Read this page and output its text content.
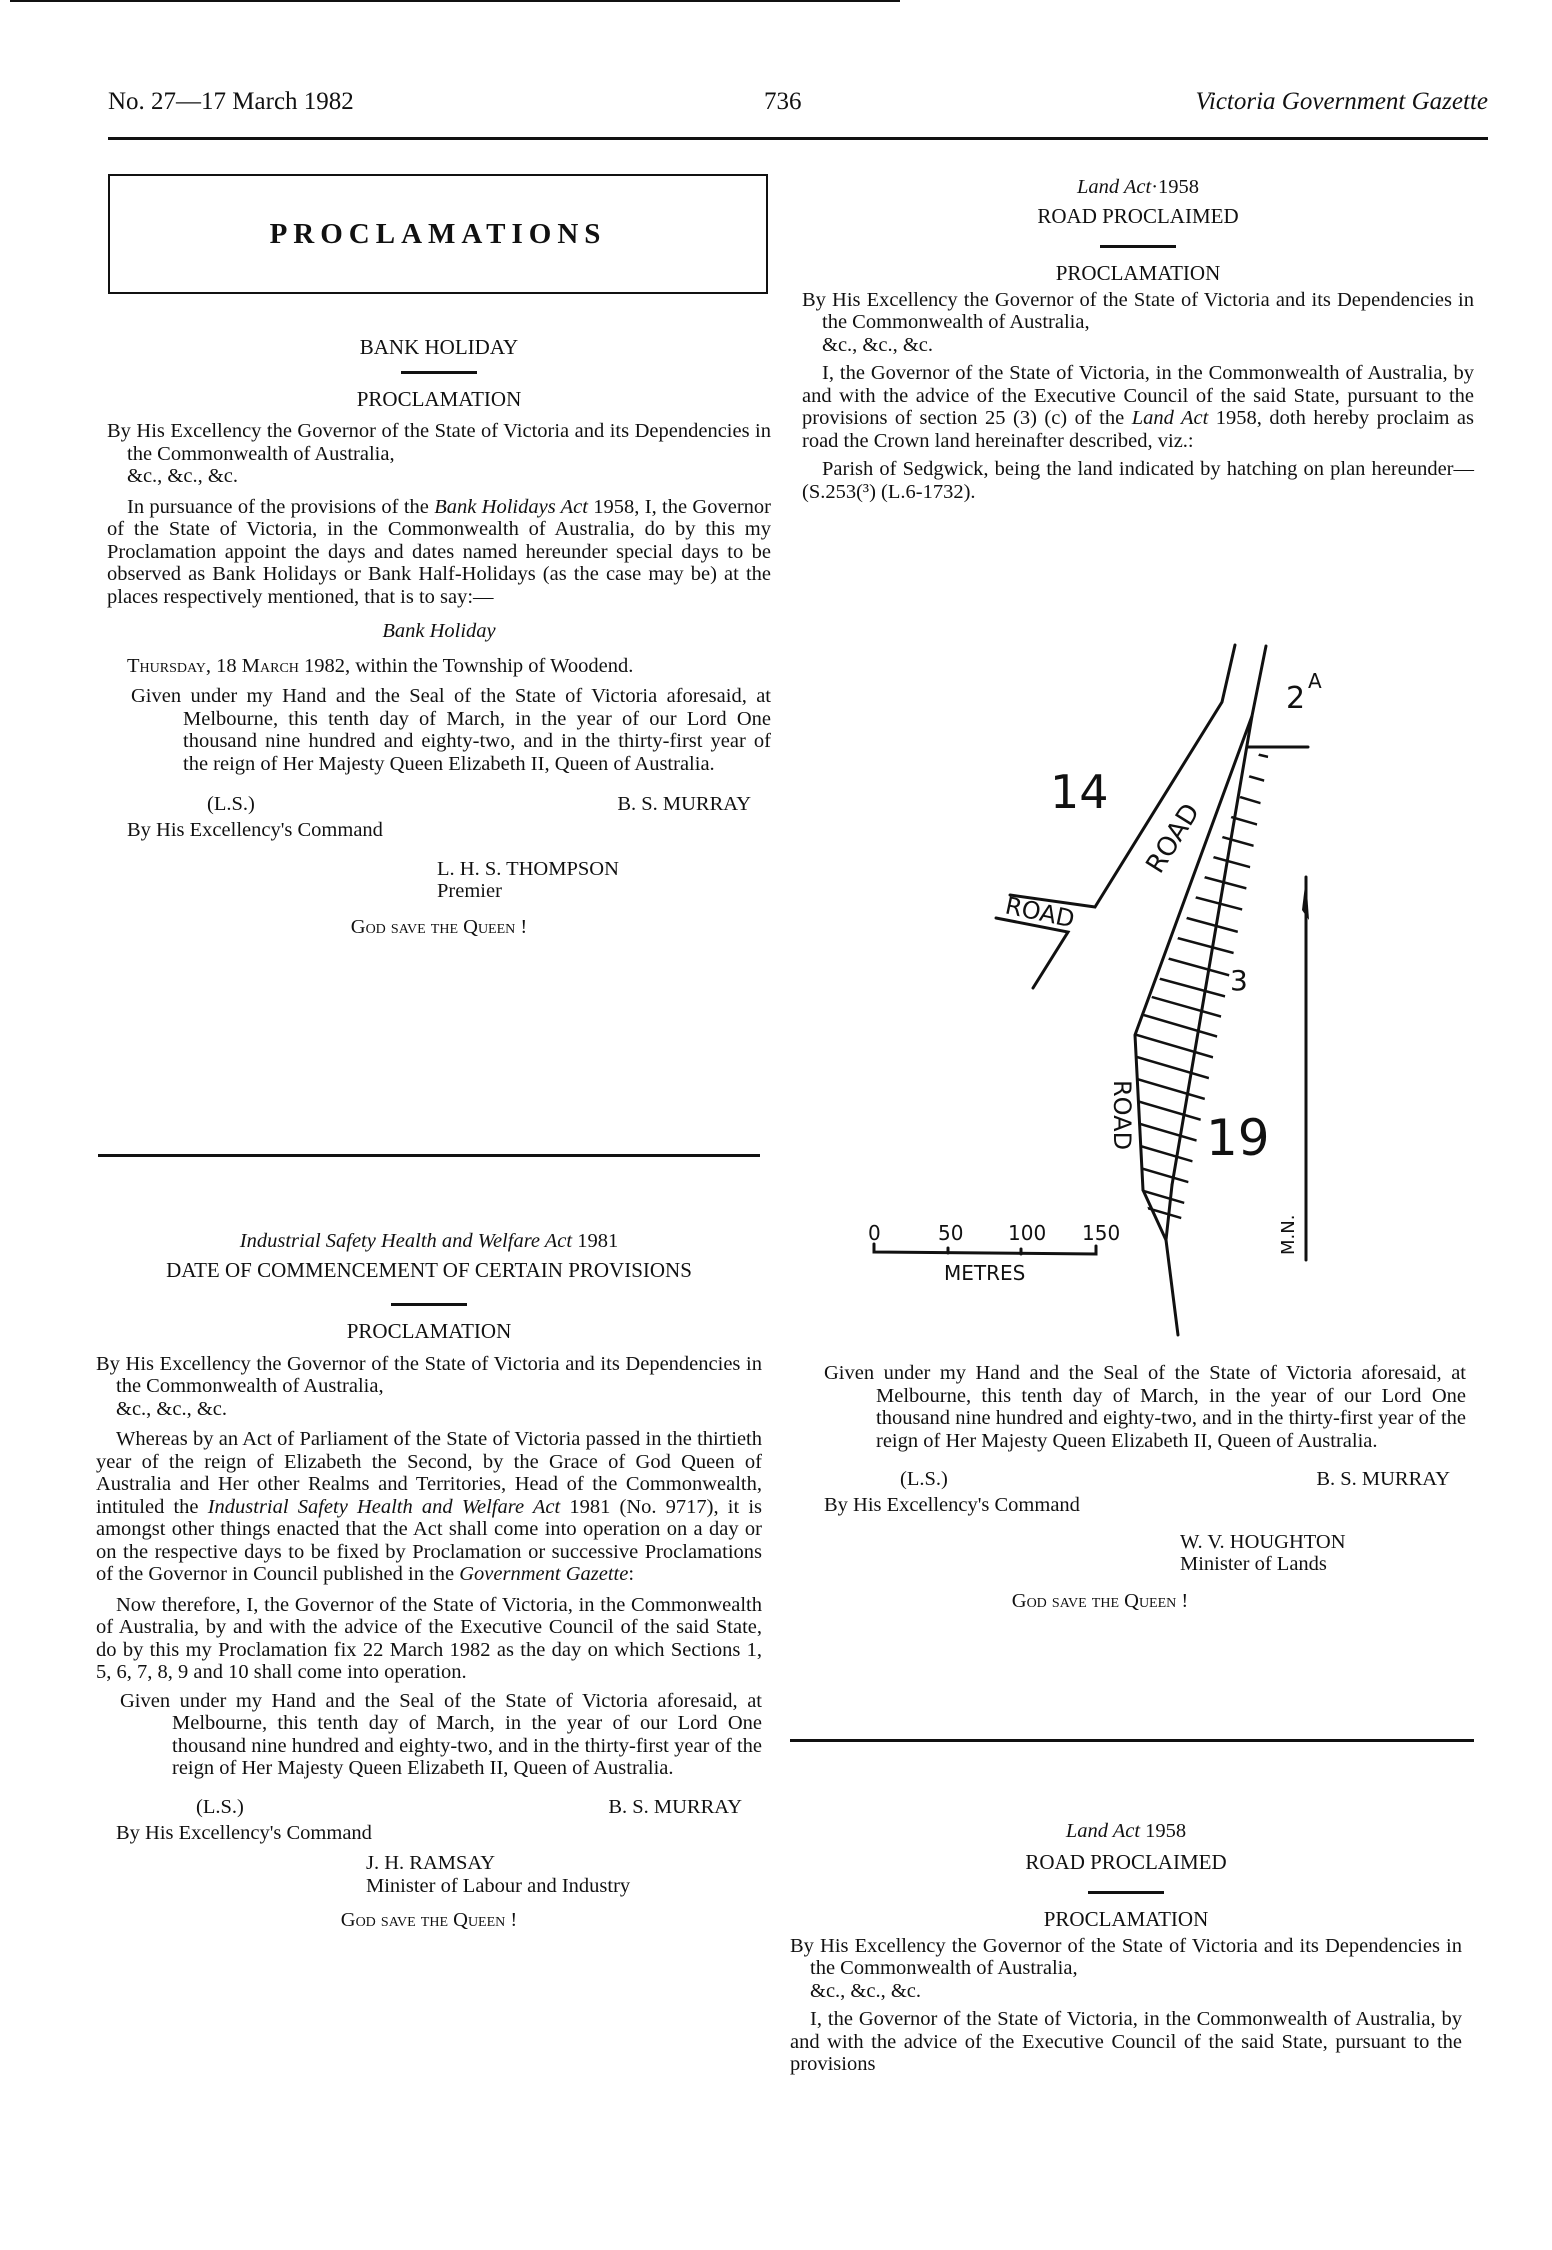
No. 27—17 March 1982	736	Victoria Government Gazette
PROCLAMATIONS
BANK HOLIDAY
PROCLAMATION
By His Excellency the Governor of the State of Victoria and its Dependencies in the Commonwealth of Australia,
&c., &c., &c.
In pursuance of the provisions of the Bank Holidays Act 1958, I, the Governor of the State of Victoria, in the Commonwealth of Australia, do by this my Proclamation appoint the days and dates named hereunder special days to be observed as Bank Holidays or Bank Half-Holidays (as the case may be) at the places respectively mentioned, that is to say:—
Bank Holiday
Thursday, 18 March 1982, within the Township of Woodend.
Given under my Hand and the Seal of the State of Victoria aforesaid, at Melbourne, this tenth day of March, in the year of our Lord One thousand nine hundred and eighty-two, and in the thirty-first year of the reign of Her Majesty Queen Elizabeth II, Queen of Australia.
(L.S.)	B. S. MURRAY
By His Excellency's Command
L. H. S. THOMPSON
Premier
God save the Queen !
Industrial Safety Health and Welfare Act 1981
DATE OF COMMENCEMENT OF CERTAIN PROVISIONS
PROCLAMATION
By His Excellency the Governor of the State of Victoria and its Dependencies in the Commonwealth of Australia,
&c., &c., &c.
Whereas by an Act of Parliament of the State of Victoria passed in the thirtieth year of the reign of Elizabeth the Second, by the Grace of God Queen of Australia and Her other Realms and Territories, Head of the Commonwealth, intituled the Industrial Safety Health and Welfare Act 1981 (No. 9717), it is amongst other things enacted that the Act shall come into operation on a day or on the respective days to be fixed by Proclamation or successive Proclamations of the Governor in Council published in the Government Gazette:
Now therefore, I, the Governor of the State of Victoria, in the Commonwealth of Australia, by and with the advice of the Executive Council of the said State, do by this my Proclamation fix 22 March 1982 as the day on which Sections 1, 5, 6, 7, 8, 9 and 10 shall come into operation.
Given under my Hand and the Seal of the State of Victoria aforesaid, at Melbourne, this tenth day of March, in the year of our Lord One thousand nine hundred and eighty-two, and in the thirty-first year of the reign of Her Majesty Queen Elizabeth II, Queen of Australia.
(L.S.)	B. S. MURRAY
By His Excellency's Command
J. H. RAMSAY
Minister of Labour and Industry
God save the Queen !
Land Act·1958
ROAD PROCLAIMED
PROCLAMATION
By His Excellency the Governor of the State of Victoria and its Dependencies in the Commonwealth of Australia,
&c., &c., &c.
I, the Governor of the State of Victoria, in the Commonwealth of Australia, by and with the advice of the Executive Council of the said State, pursuant to the provisions of section 25 (3) (c) of the Land Act 1958, doth hereby proclaim as road the Crown land hereinafter described, viz.:
Parish of Sedgwick, being the land indicated by hatching on plan hereunder—(S.253(³) (L.6-1732).
14
2 A
3
19
ROAD
ROAD
ROAD
M.N.
0	50 100 150
METRES
Given under my Hand and the Seal of the State of Victoria aforesaid, at Melbourne, this tenth day of March, in the year of our Lord One thousand nine hundred and eighty-two, and in the thirty-first year of the reign of Her Majesty Queen Elizabeth II, Queen of Australia.
(L.S.)	B. S. MURRAY
By His Excellency's Command
W. V. HOUGHTON
Minister of Lands
God save the Queen !
Land Act 1958
ROAD PROCLAIMED
PROCLAMATION
By His Excellency the Governor of the State of Victoria and its Dependencies in the Commonwealth of Australia,
&c., &c., &c.
I, the Governor of the State of Victoria, in the Commonwealth of Australia, by and with the advice of the Executive Council of the said State, pursuant to the provisions
